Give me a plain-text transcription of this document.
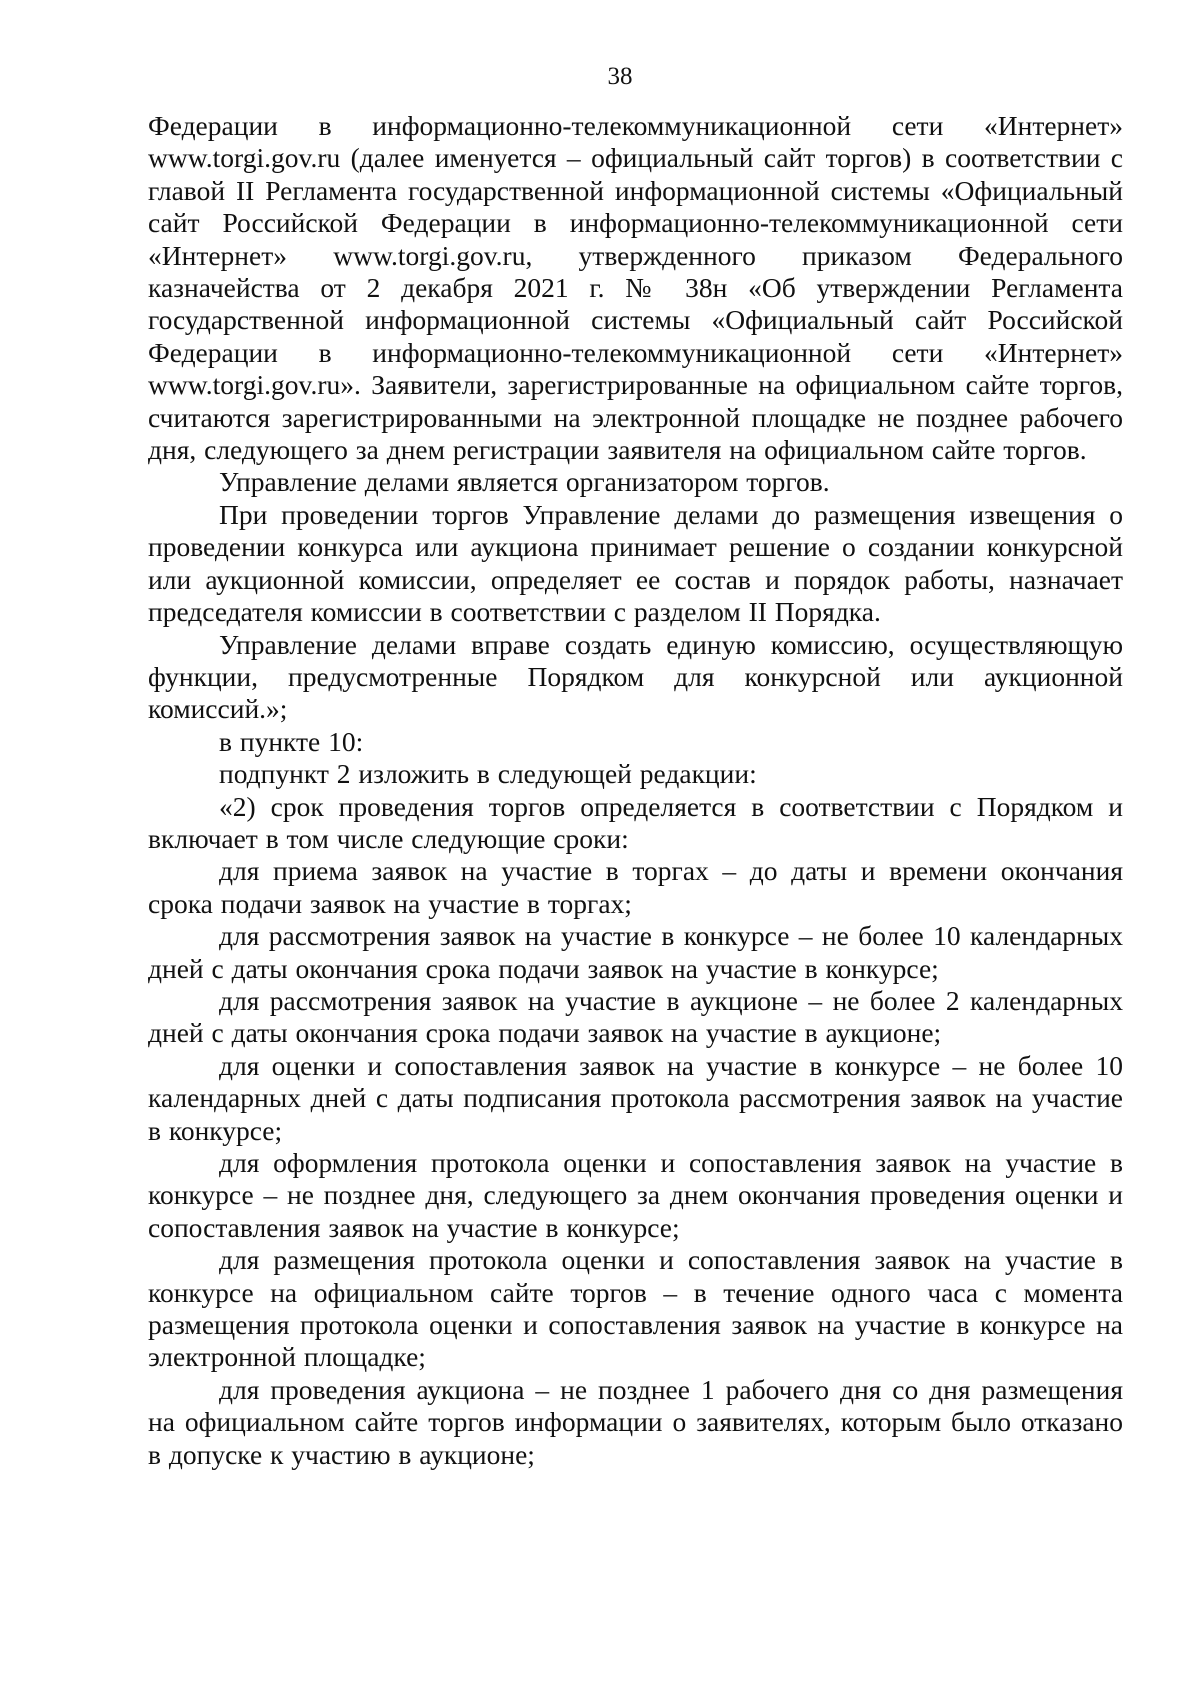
38

Федерации в информационно-телекоммуникационной сети «Интернет» www.torgi.gov.ru (далее именуется – официальный сайт торгов) в соответствии с главой II Регламента государственной информационной системы «Официальный сайт Российской Федерации в информационно-телекоммуникационной сети «Интернет» www.torgi.gov.ru, утвержденного приказом Федерального казначейства от 2 декабря 2021 г. № 38н «Об утверждении Регламента государственной информационной системы «Официальный сайт Российской Федерации в информационно-телекоммуникационной сети «Интернет» www.torgi.gov.ru». Заявители, зарегистрированные на официальном сайте торгов, считаются зарегистрированными на электронной площадке не позднее рабочего дня, следующего за днем регистрации заявителя на официальном сайте торгов.

Управление делами является организатором торгов.

При проведении торгов Управление делами до размещения извещения о проведении конкурса или аукциона принимает решение о создании конкурсной или аукционной комиссии, определяет ее состав и порядок работы, назначает председателя комиссии в соответствии с разделом II Порядка.

Управление делами вправе создать единую комиссию, осуществляющую функции, предусмотренные Порядком для конкурсной или аукционной комиссий.»;

в пункте 10:

подпункт 2 изложить в следующей редакции:

«2) срок проведения торгов определяется в соответствии с Порядком и включает в том числе следующие сроки:

для приема заявок на участие в торгах – до даты и времени окончания срока подачи заявок на участие в торгах;

для рассмотрения заявок на участие в конкурсе – не более 10 календарных дней с даты окончания срока подачи заявок на участие в конкурсе;

для рассмотрения заявок на участие в аукционе – не более 2 календарных дней с даты окончания срока подачи заявок на участие в аукционе;

для оценки и сопоставления заявок на участие в конкурсе – не более 10 календарных дней с даты подписания протокола рассмотрения заявок на участие в конкурсе;

для оформления протокола оценки и сопоставления заявок на участие в конкурсе – не позднее дня, следующего за днем окончания проведения оценки и сопоставления заявок на участие в конкурсе;

для размещения протокола оценки и сопоставления заявок на участие в конкурсе на официальном сайте торгов – в течение одного часа с момента размещения протокола оценки и сопоставления заявок на участие в конкурсе на электронной площадке;

для проведения аукциона – не позднее 1 рабочего дня со дня размещения на официальном сайте торгов информации о заявителях, которым было отказано в допуске к участию в аукционе;
